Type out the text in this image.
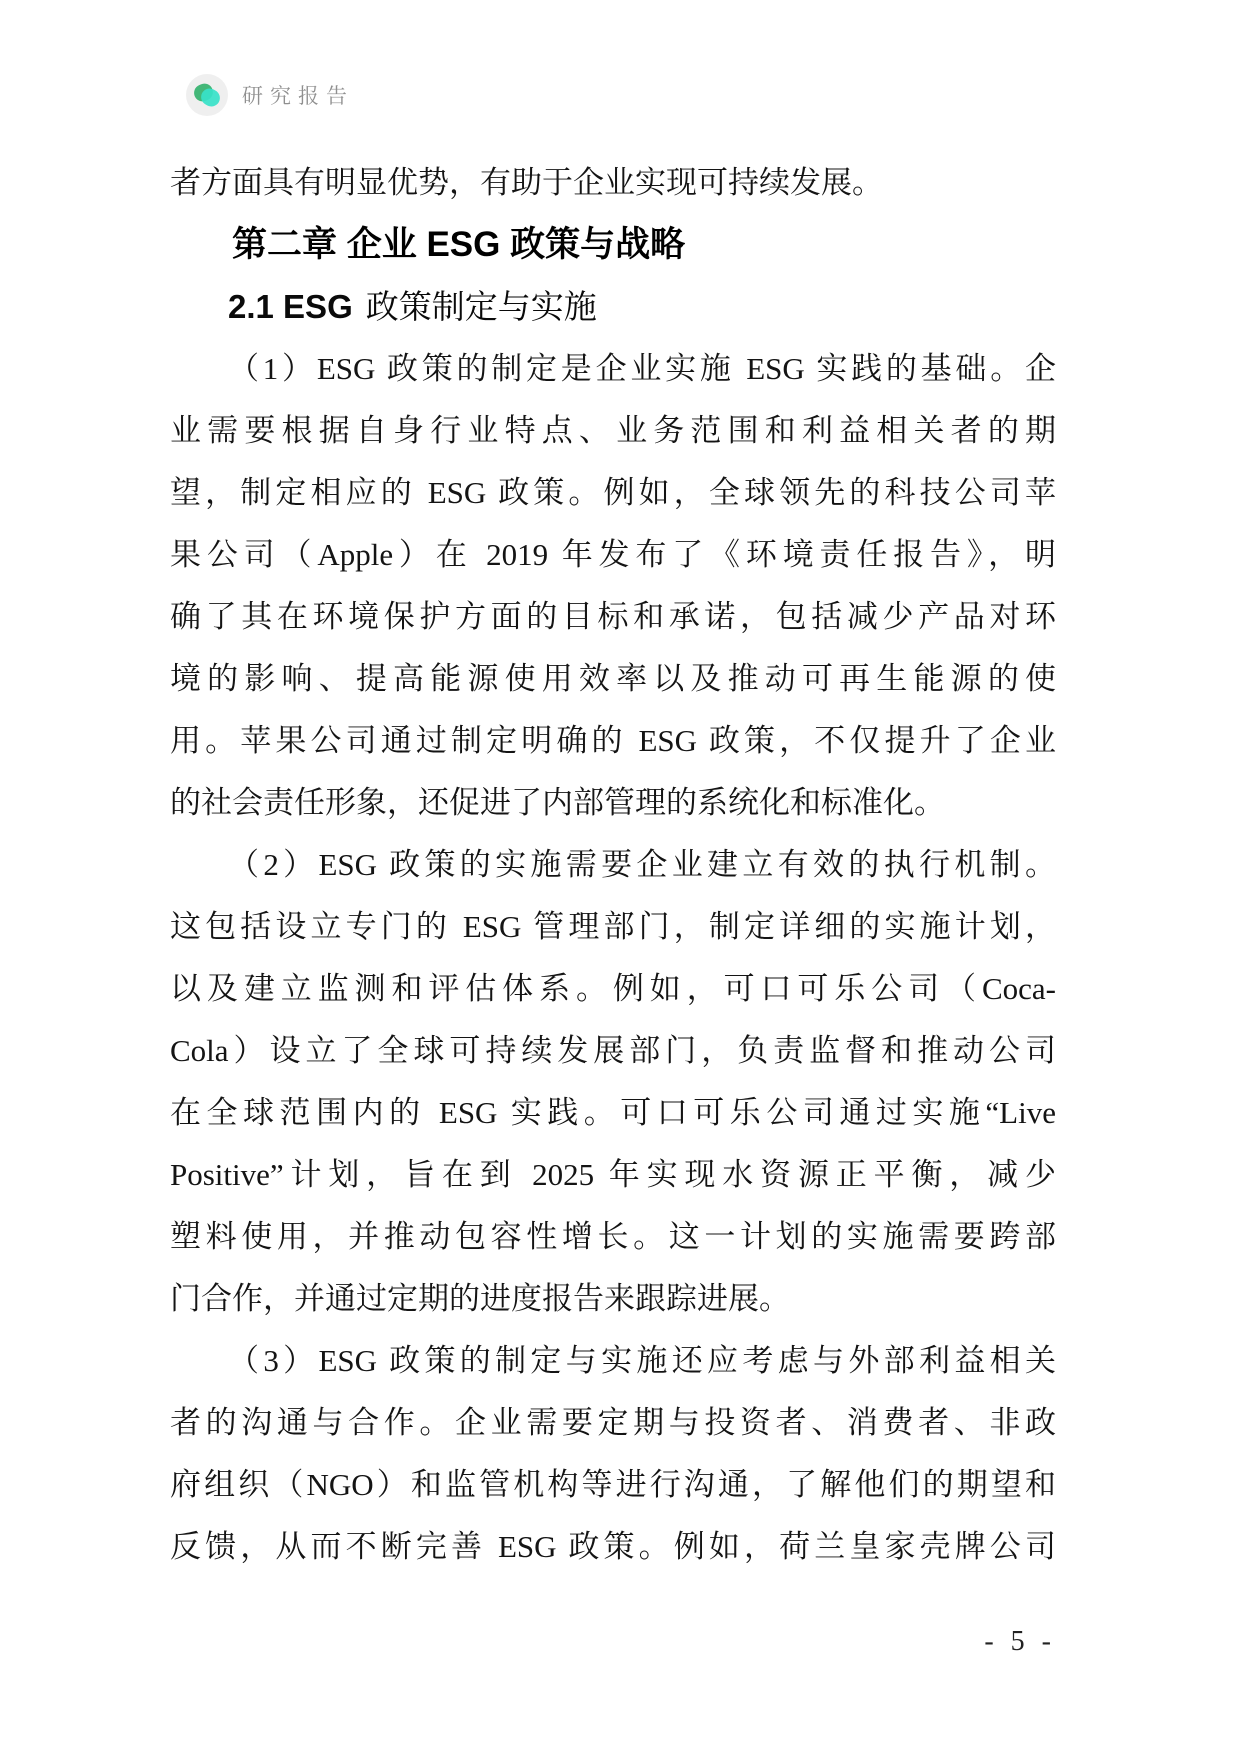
研究报告
者方面具有明显优势，有助于企业实现可持续发展。
第二章 企业 ESG 政策与战略
2.1 ESG 政策制定与实施
（1）ESG 政策的制定是企业实施 ESG 实践的基础。企
业需要根据自身行业特点、业务范围和利益相关者的期
望，制定相应的 ESG 政策。例如，全球领先的科技公司苹
果公司（Apple）在 2019 年发布了《环境责任报告》，明
确了其在环境保护方面的目标和承诺，包括减少产品对环
境的影响、提高能源使用效率以及推动可再生能源的使
用。苹果公司通过制定明确的 ESG 政策，不仅提升了企业
的社会责任形象，还促进了内部管理的系统化和标准化。
（2）ESG 政策的实施需要企业建立有效的执行机制。
这包括设立专门的 ESG 管理部门，制定详细的实施计划，
以及建立监测和评估体系。例如，可口可乐公司（Coca-
Cola）设立了全球可持续发展部门，负责监督和推动公司
在全球范围内的 ESG 实践。可口可乐公司通过实施“Live
Positive”计划，旨在到 2025 年实现水资源正平衡，减少
塑料使用，并推动包容性增长。这一计划的实施需要跨部
门合作，并通过定期的进度报告来跟踪进展。
（3）ESG 政策的制定与实施还应考虑与外部利益相关
者的沟通与合作。企业需要定期与投资者、消费者、非政
府组织（NGO）和监管机构等进行沟通，了解他们的期望和
反馈，从而不断完善 ESG 政策。例如，荷兰皇家壳牌公司
- 5 -
